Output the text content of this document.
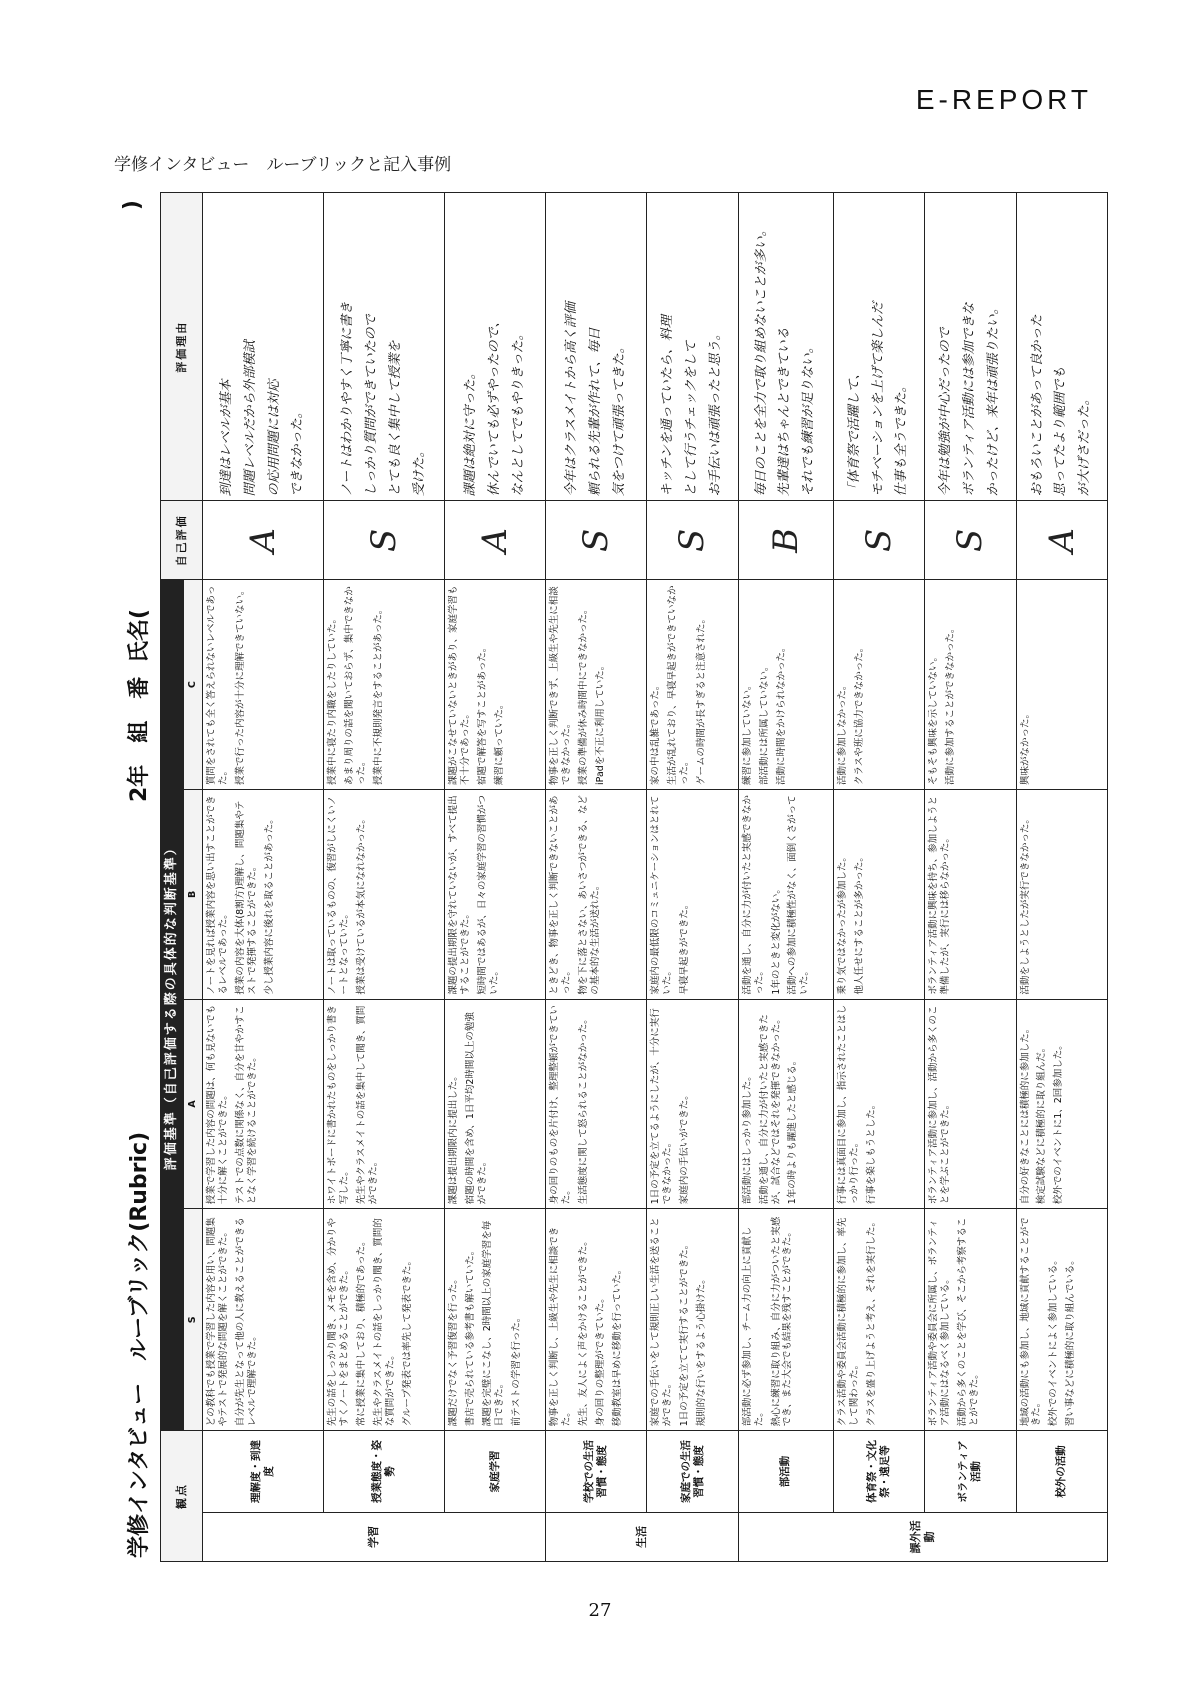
E-REPORT
学修インタビュー　ルーブリックと記入事例
学修インタビュー　ルーブリック(Rubric)
2年　組　番 氏名(
)
観点		評価基準（自己評価する際の具体的な判断基準）				自己評価	評価理由
		S	A	B	C		
学習	理解度・到達度	どの教科でも授業で学習した内容を用い、問題集やテストで発展的な問題を解くことができた。 自分が先生となって他の人に教えることができるレベルで理解できた。	授業で学習した内容の問題は、何も見ないでも十分に解くことができた。 テストでの点数に関係なく、自分を甘やかすことなく学習を続けることができた。	ノートを見れば授業内容を思い出すことができるレベルであった。 授業の内容を大体(8割方)理解し、問題集やテストで発揮することができた。 少し授業内容に後れを取ることがあった。	質問をされても全く答えられないレベルであった。 授業で行った内容が十分に理解できていない。	A	到達はレベルが基本 問題レベルだから外部模試 の応用問題には対応 できなかった。

	授業態度・姿勢	先生の話をしっかり聞き、メモを含め、分かりやすくノートをまとめることができた。 常に授業に集中しており、積極的であった。 先生やクラスメイトの話をしっかり聞き、質問的な質問ができた。 グループ発表では率先して発表できた。	ホワイトボードに書かれたものをしっかり書き写した。 先生やクラスメイトの話を集中して聞き、質問ができた。	ノートは取っているものの、復習がしにくいノートとなっていた。 授業は受けているが本気になれなかった。	授業中に寝たり内職をしたりしていた。 あまり周りの話を聞いておらず、集中できなかった。 授業中に不規則発言をすることがあった。	S	ノートはわかりやすく丁寧に書き しっかり質問ができていたので とても良く集中して授業を 受けた。

	家庭学習	課題だけでなく予習復習を行った。 書店で売られている参考書も解いていた。 課題を完璧にこなし、2時間以上の家庭学習を毎日できた。 前テストの学習を行った。	課題は提出期限内に提出した。 宿題の時間を含め、1日平均2時間以上の勉強ができた。	課題の提出期限を守れていないが、すべて提出することができた。 短時間ではあるが、日々の家庭学習の習慣がついた。	課題がこなせていないときがあり、家庭学習も不十分であった。 宿題で解答を写すことがあった。 練習に頼っていた。	A	課題は絶対に守った。 休んでいても必ずやったので、 なんとしてでもやりきった。

生活	学校での生活習慣・態度	物事を正しく判断し、上級生や先生に相談できた。 先生、友人によく声をかけることができた。 身の回りの整理ができていた。 移動教室は早めに移動を行っていた。	身の回りのものを片付け、整理整頓ができていた。 生活態度に関して怒られることがなかった。	ときどき、物事を正しく判断できないことがあった。 物を下に落とさない、あいさつができる、などの基本的な生活が送れた。	物事を正しく判断できず、上級生や先生に相談できなかった。 授業の準備が休み時間中にできなかった。 iPadを不正に利用していた。	S	今年はクラスメイトから高く評価 頼られる先輩が作れて、毎日 気をつけて頑張ってきた。

	家庭での生活習慣・態度	家庭での手伝いをして規則正しい生活を送ることができた。 1日の予定を立てて実行することができた。 規則的な行いをするよう心掛けた。	1日の予定を立てるようにしたが、十分に実行できなかった。 家庭内の手伝いができた。	家庭内の最低限のコミュニケーションはとれていた。 早寝早起きができた。	家の中は乱雑であった。 生活が乱れており、早寝早起きができていなかった。 ゲームの時間が長すぎると注意された。	S	キッチンを通っていたら、料理 として行うチェックをして お手伝いは頑張ったと思う。

課外活動	部活動	部活動に必ず参加し、チーム力の向上に貢献した。 熱心に練習に取り組み、自分に力がついたと実感でき、また大会でも結果を残すことができた。	部活動にはしっかり参加した。 活動を通し、自分に力が付いたと実感できたが、試合などではそれを発揮できなかった。 1年の時よりも躍進したと感じる。	活動を通し、自分に力が付いたと実感できなかった。 1年のときと変化がない。 活動への参加に積極性がなく、面倒くさがっていた。	練習に参加していない。 部活動には所属していない。 活動に時間をかけられなかった。	B	毎日のことを全力で取り組めないことが多い。 先輩達はちゃんとできている それでも練習が足りない。

	体育祭・文化祭・遠足等	クラス活動や委員会活動に積極的に参加し、率先して関わった。 クラスを盛り上げようと考え、それを実行した。	行事には真面目に参加し、指示されたことはしっかり行った。 行事を楽しもうとした。	乗り気ではなかったが参加した。 他人任せにすることが多かった。	活動に参加しなかった。 クラスや班に協力できなかった。	S	「体育祭で活躍して、 モチベーションを上げて楽しんだ 仕事も全うできた。

	ボランティア活動	ボランティア活動や委員会に所属し、ボランティア活動にはなるべく参加している。 活動から多くのことを学び、そこから考察することができた。	ボランティア活動に参加し、活動から多くのことを学ぶことができた。	ボランティア活動に興味を持ち、参加しようと準備したが、実行には移らなかった。	そもそも興味を示していない。 活動に参加することができなかった。	S	今年は勉強が中心だったので ボランティア活動には参加できな かったけど、来年は頑張りたい。

	校外の活動	地域の活動にも参加し、地域に貢献することができた。 校外でのイベントによく参加している。 習い事などに積極的に取り組んでいる。	自分の好きなことには積極的に参加した。 検定試験などに積極的に取り組んだ。 校外でのイベントに1、2回参加した。	活動をしようとしたが実行できなかった。	興味がなかった。	A	おもろいことがあって良かった 思ってたより範囲でも が大げさだった。
27
